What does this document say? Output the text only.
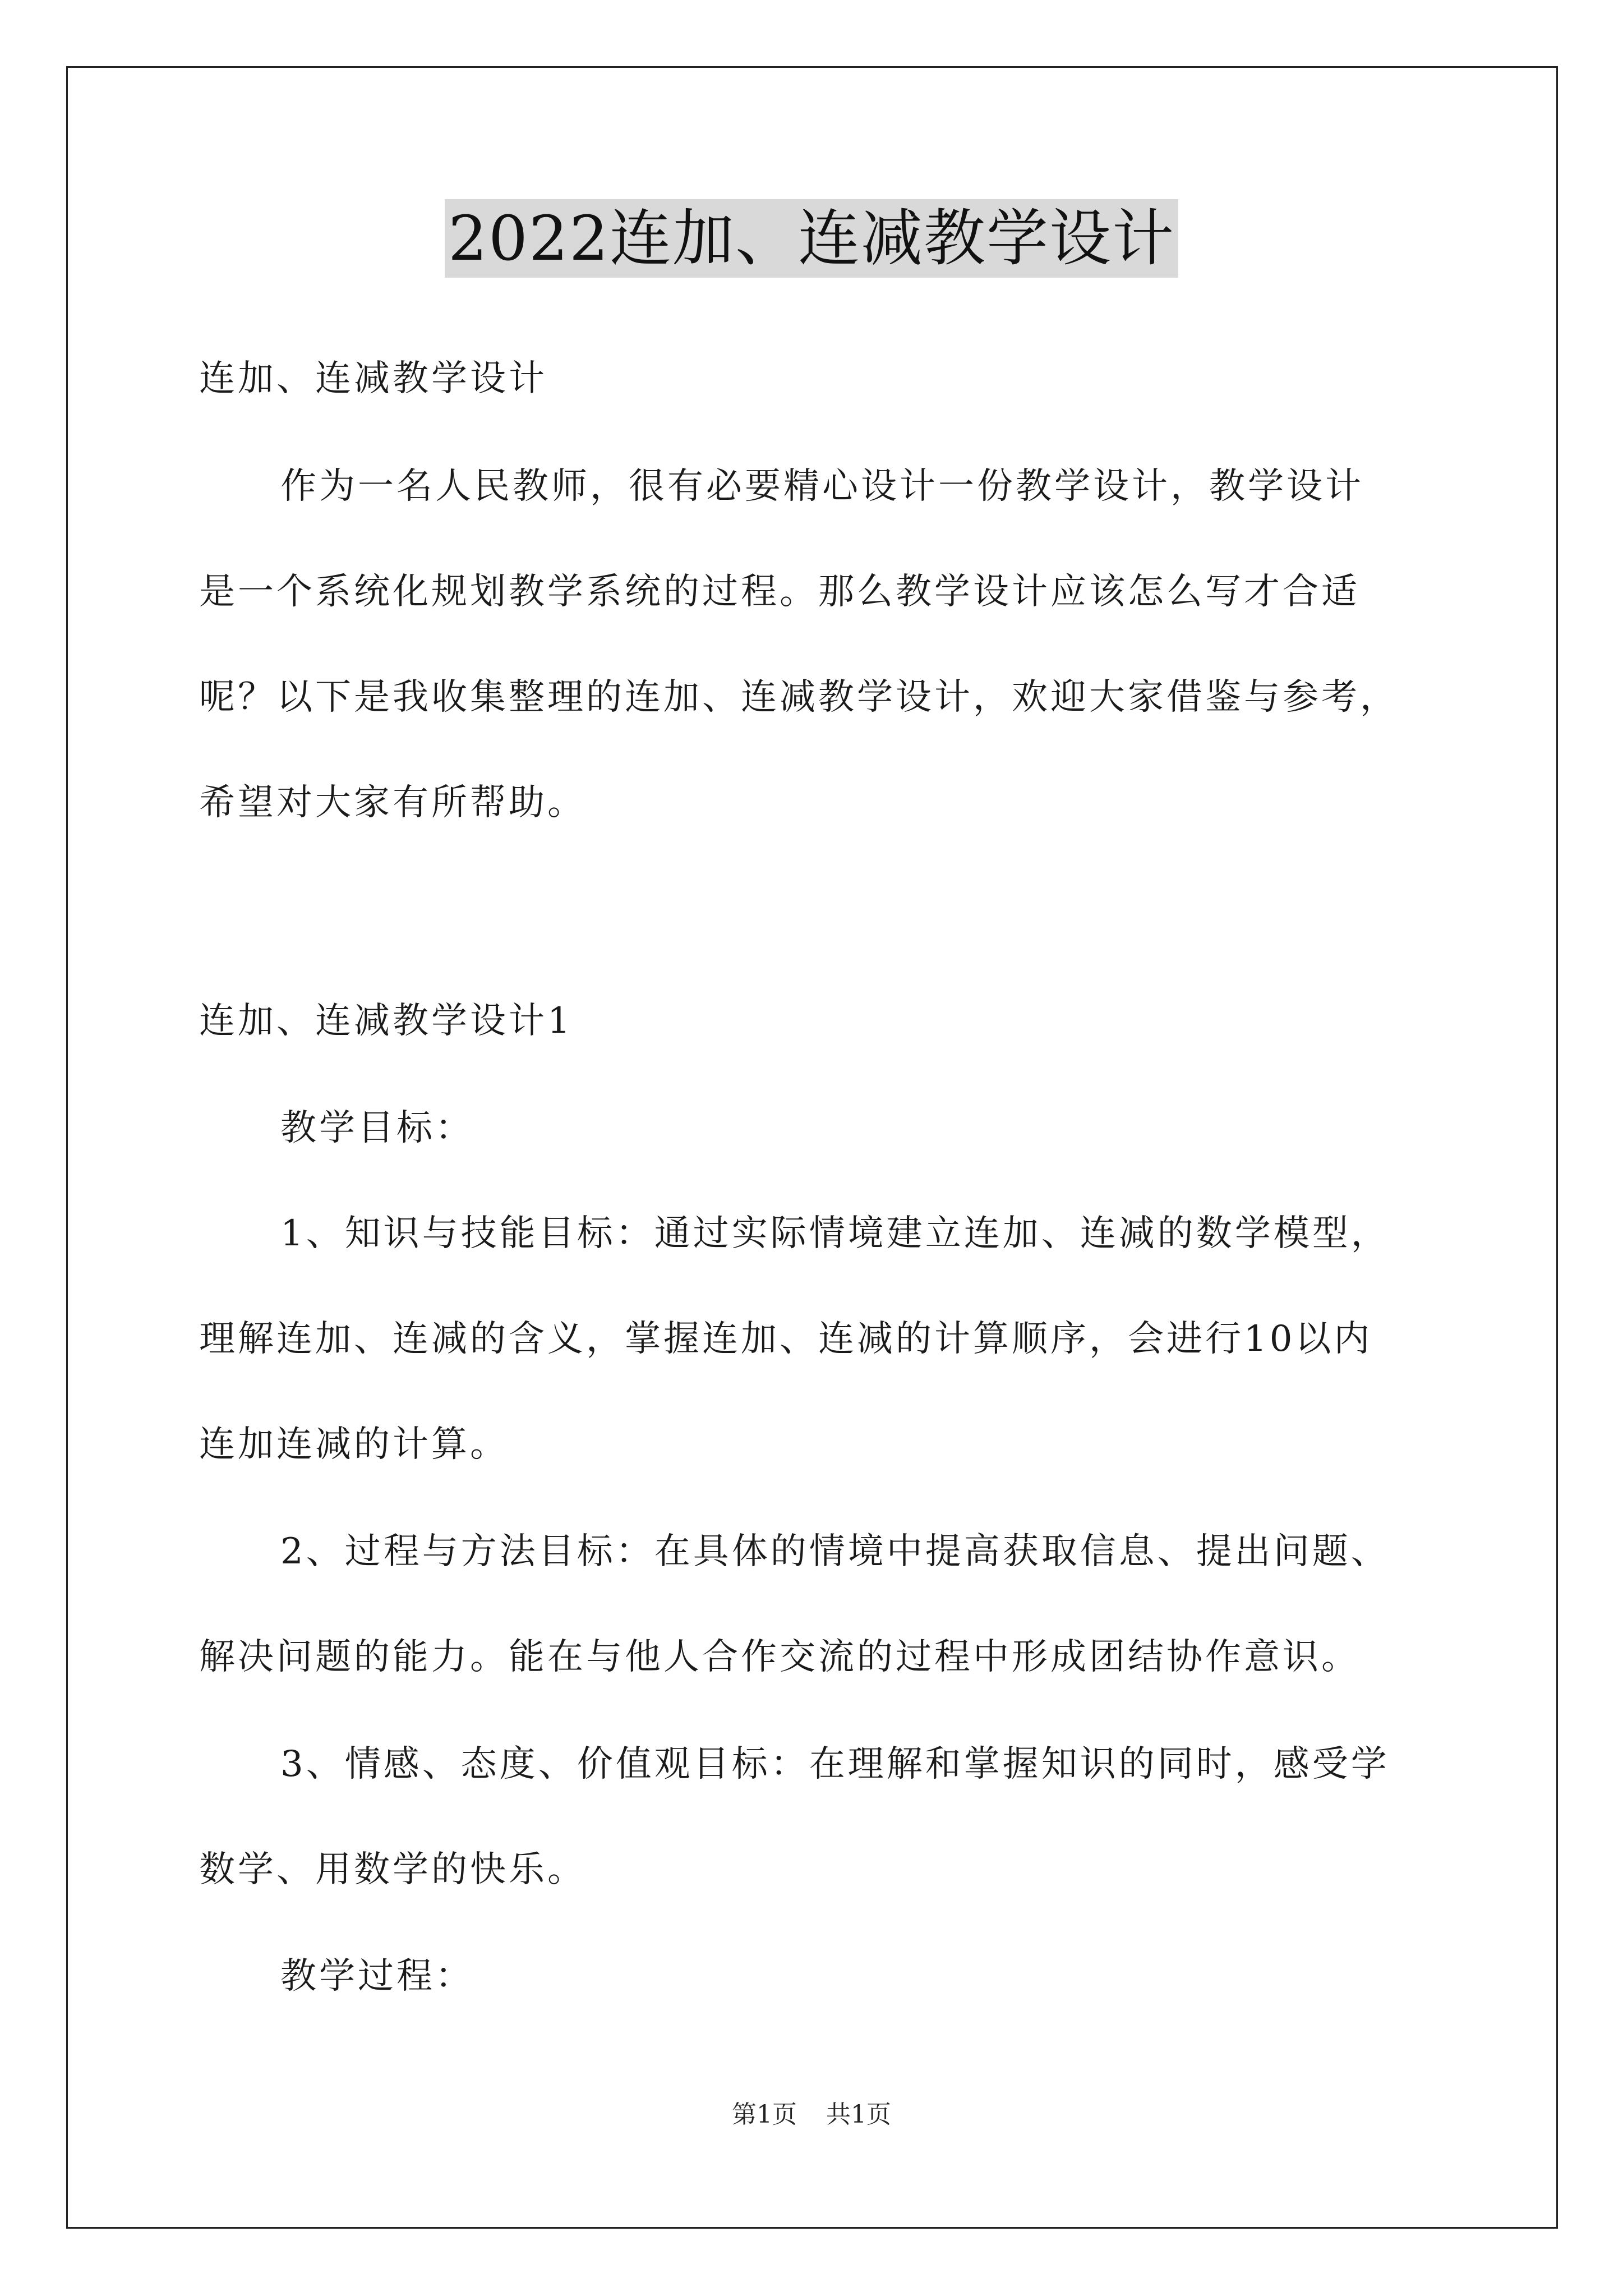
2022连加、连减教学设计
连加、连减教学设计
作为一名人民教师，很有必要精心设计一份教学设计，教学设计
是一个系统化规划教学系统的过程。那么教学设计应该怎么写才合适
呢？以下是我收集整理的连加、连减教学设计，欢迎大家借鉴与参考，
希望对大家有所帮助。
连加、连减教学设计1
教学目标：
1、知识与技能目标：通过实际情境建立连加、连减的数学模型，
理解连加、连减的含义，掌握连加、连减的计算顺序，会进行10以内
连加连减的计算。
2、过程与方法目标：在具体的情境中提高获取信息、提出问题、
解决问题的能力。能在与他人合作交流的过程中形成团结协作意识。
3、情感、态度、价值观目标：在理解和掌握知识的同时，感受学
数学、用数学的快乐。
教学过程：
第1页 共1页
